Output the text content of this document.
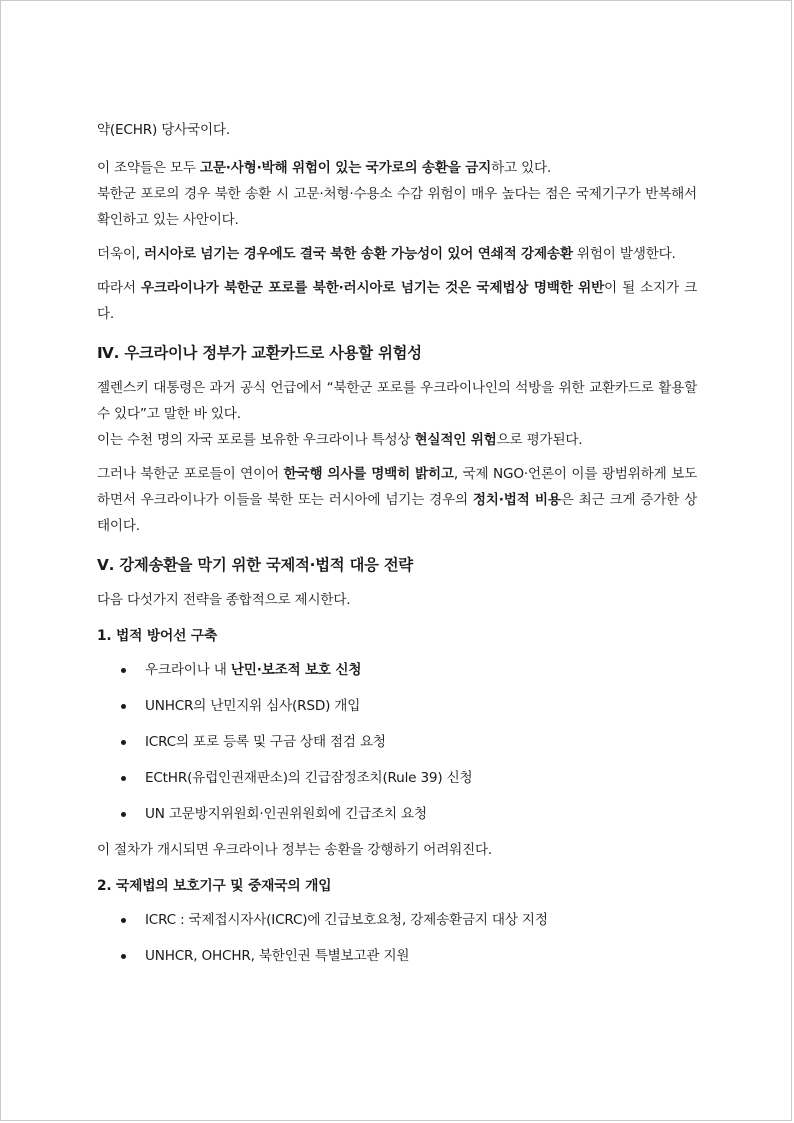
약(ECHR) 당사국이다.

이 조약들은 모두 고문·사형·박해 위험이 있는 국가로의 송환을 금지하고 있다.

북한군 포로의 경우 북한 송환 시 고문·처형·수용소 수감 위험이 매우 높다는 점은 국제기구가 반복해서 확인하고 있는 사안이다.

더욱이, 러시아로 넘기는 경우에도 결국 북한 송환 가능성이 있어 연쇄적 강제송환 위험이 발생한다.

따라서 우크라이나가 북한군 포로를 북한·러시아로 넘기는 것은 국제법상 명백한 위반이 될 소지가 크다.

Ⅳ. 우크라이나 정부가 교환카드로 사용할 위험성

젤렌스키 대통령은 과거 공식 언급에서 “북한군 포로를 우크라이나인의 석방을 위한 교환카드로 활용할 수 있다”고 말한 바 있다.

이는 수천 명의 자국 포로를 보유한 우크라이나 특성상 현실적인 위험으로 평가된다.

그러나 북한군 포로들이 연이어 한국행 의사를 명백히 밝히고, 국제 NGO·언론이 이를 광범위하게 보도하면서 우크라이나가 이들을 북한 또는 러시아에 넘기는 경우의 정치·법적 비용은 최근 크게 증가한 상태이다.

Ⅴ. 강제송환을 막기 위한 국제적·법적 대응 전략

다음 다섯가지 전략을 종합적으로 제시한다.

1. 법적 방어선 구축
우크라이나 내 난민·보조적 보호 신청
UNHCR의 난민지위 심사(RSD) 개입
ICRC의 포로 등록 및 구금 상태 점검 요청
ECtHR(유럽인권재판소)의 긴급잠정조치(Rule 39) 신청
UN 고문방지위원회·인권위원회에 긴급조치 요청

이 절차가 개시되면 우크라이나 정부는 송환을 강행하기 어려워진다.

2. 국제법의 보호기구 및 중재국의 개입
ICRC : 국제접시자사(ICRC)에 긴급보호요청, 강제송환금지 대상 지정
UNHCR, OHCHR, 북한인권 특별보고관 지원
